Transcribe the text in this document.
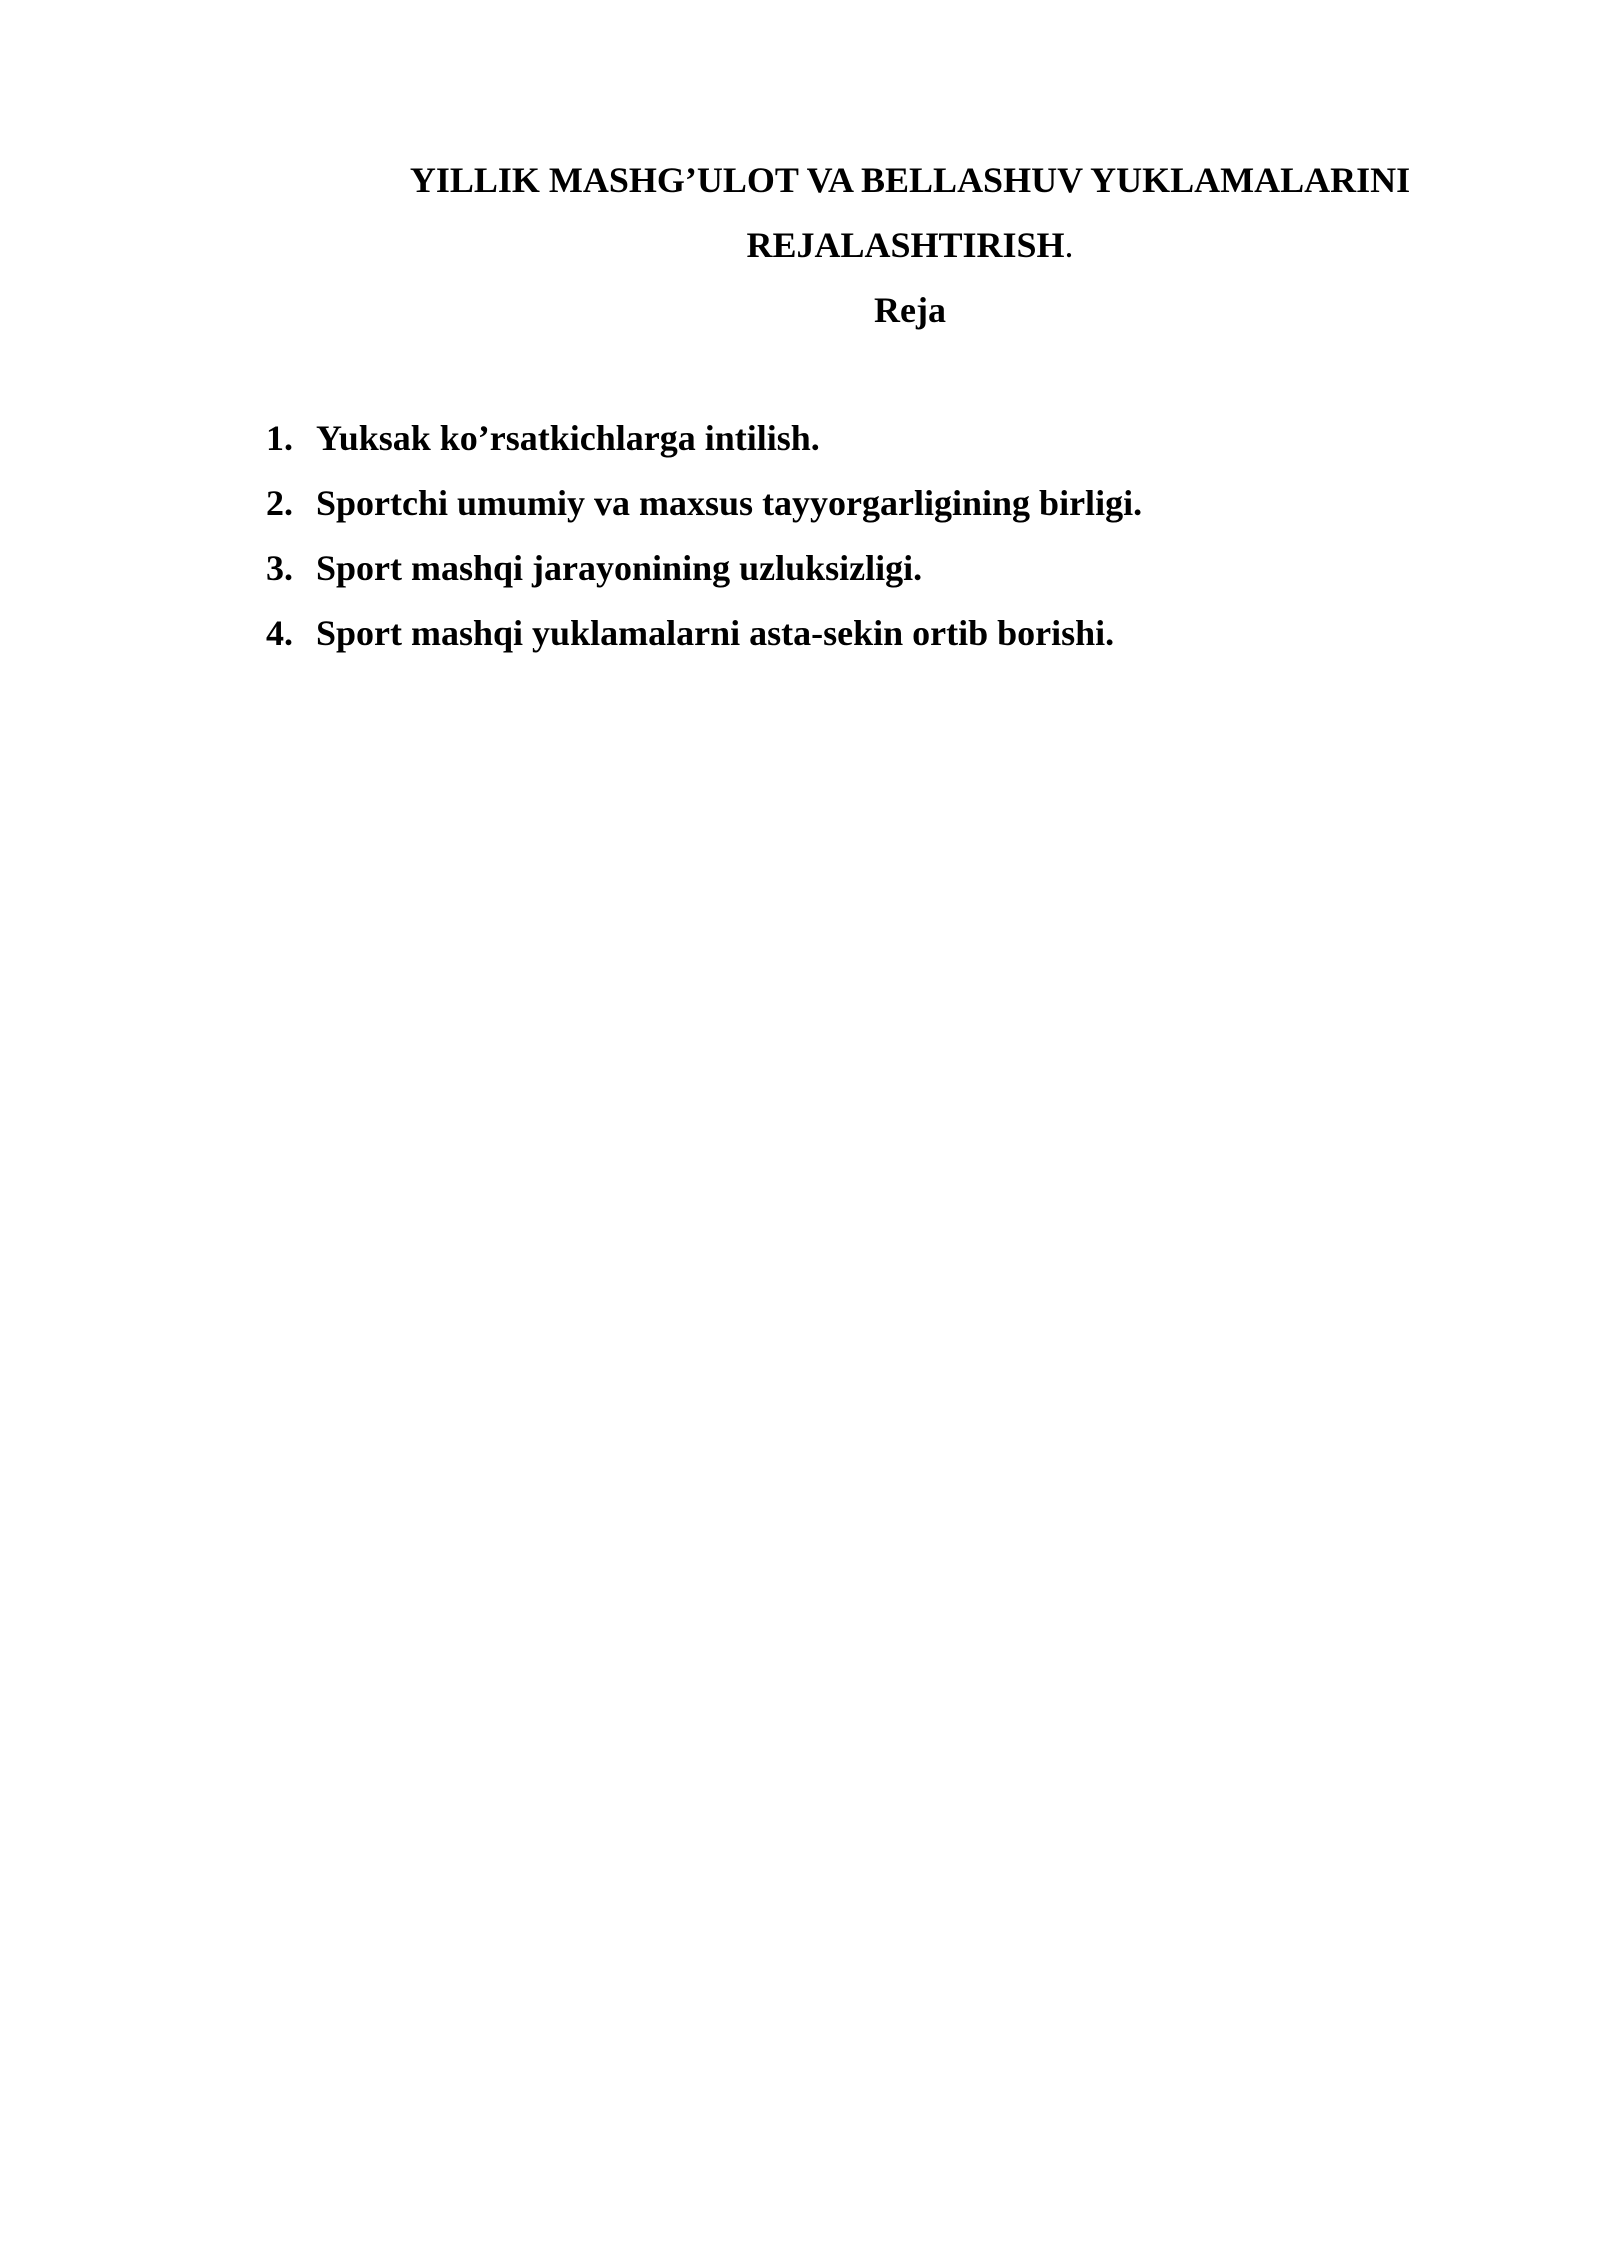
YILLIK MASHG’ULOT VA BELLASHUV YUKLAMALARINI
REJALASHTIRISH.
Reja
1. Yuksak ko’rsatkichlarga intilish.
2. Sportchi umumiy va maxsus tayyorgarligining birligi.
3. Sport mashqi jarayonining uzluksizligi.
4. Sport mashqi yuklamalarni asta-sekin ortib borishi.
